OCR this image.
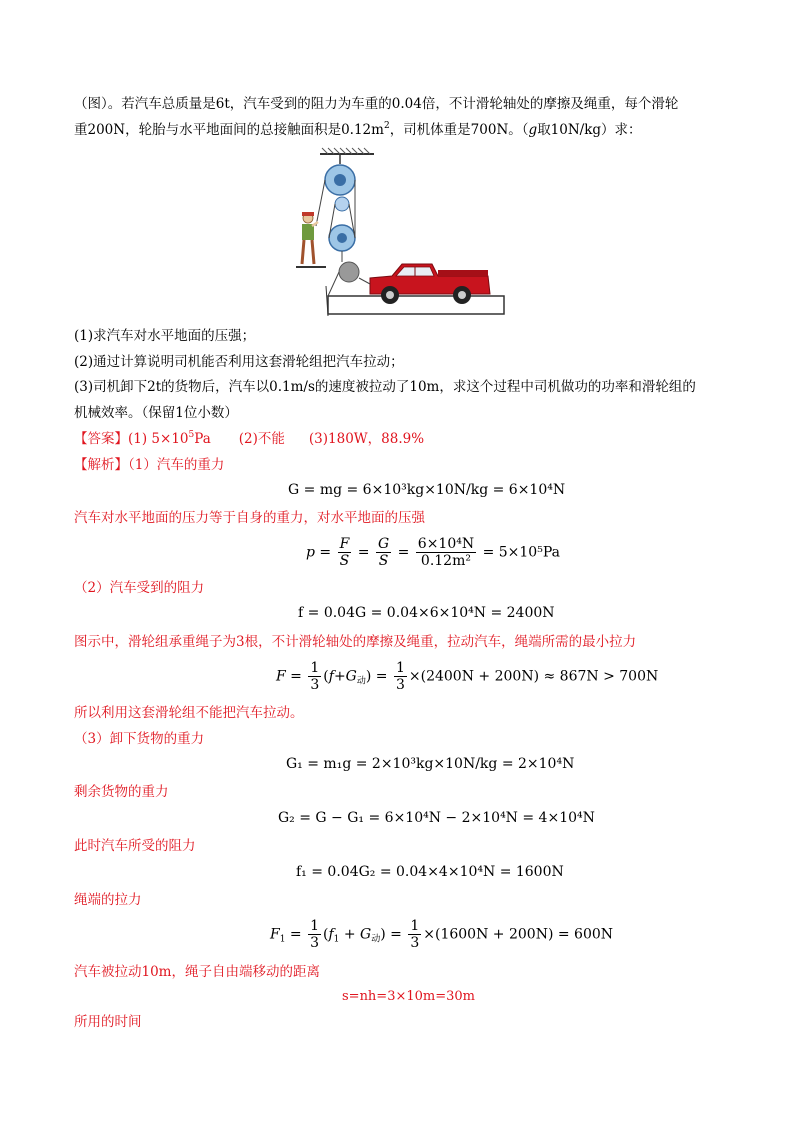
（图）。若汽车总质量是6t，汽车受到的阻力为车重的0.04倍，不计滑轮轴处的摩擦及绳重，每个滑轮
重200N，轮胎与水平地面间的总接触面积是$0.12m^2$，司机体重是700N。（g取10N/kg）求：
(1)求汽车对水平地面的压强；
(2)通过计算说明司机能否利用这套滑轮组把汽车拉动；
(3)司机卸下2t的货物后，汽车以0.1m/s的速度被拉动了10m，求这个过程中司机做功的功率和滑轮组的
机械效率。（保留1位小数）
【答案】(1) $5\times 10^5Pa$ (2)不能 (3)180W，88.9%
【解析】（1）汽车的重力
G = mg = 6×10³kg×10N/kg = 6×10⁴N
汽车对水平地面的压力等于自身的重力，对水平地面的压强
$p = \frac{F}{S} = \frac{G}{S} = \frac{\text{6×10⁴N}}{\text{0.12m²}} = 5\times 10^5Pa$
（2）汽车受到的阻力
f = 0.04G = 0.04×6×10⁴N = 2400N
图示中，滑轮组承重绳子为3根，不计滑轮轴处的摩擦及绳重，拉动汽车，绳端所需的最小拉力
$F = \frac{1}{3} (f+G_动) = \frac{1}{3} \times(2400N + 200N) \approx 867N > 700N$
所以利用这套滑轮组不能把汽车拉动。
（3）卸下货物的重力
G₁ = m₁g = 2×10³kg×10N/kg = 2×10⁴N
剩余货物的重力
G₂ = G − G₁ = 6×10⁴N − 2×10⁴N = 4×10⁴N
此时汽车所受的阻力
f₁ = 0.04G₂ = 0.04×4×10⁴N = 1600N
绳端的拉力
$F_1 = \frac{1}{3} (f_1 + G_动) = \frac{1}{3} \times(1600N + 200N) = 600N$
汽车被拉动10m，绳子自由端移动的距离
s=nh=3×10m=30m
所用的时间
